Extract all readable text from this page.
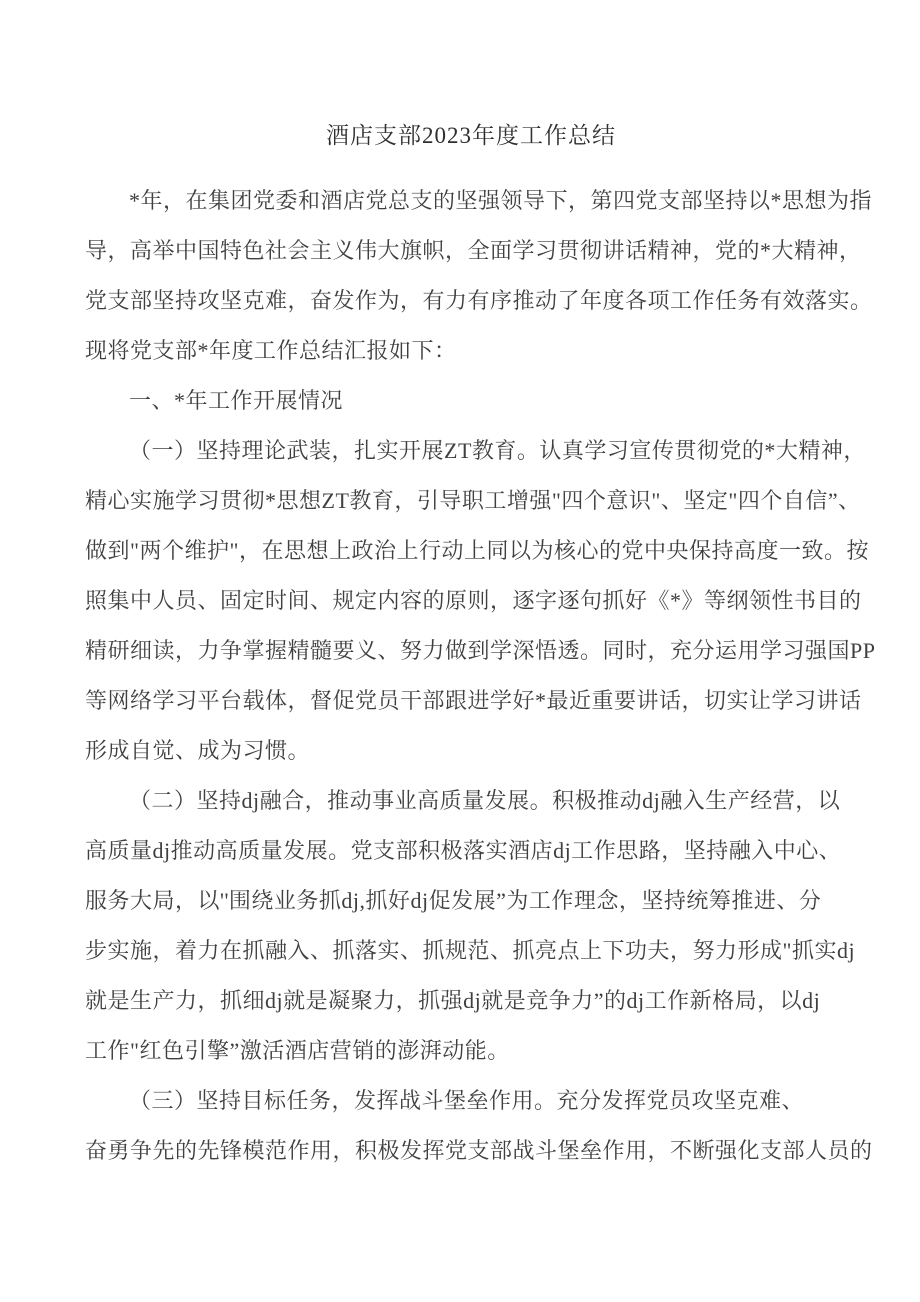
酒店支部2023年度工作总结
*年，在集团党委和酒店党总支的坚强领导下，第四党支部坚持以*思想为指
导，高举中国特色社会主义伟大旗帜，全面学习贯彻讲话精神，党的*大精神，
党支部坚持攻坚克难，奋发作为，有力有序推动了年度各项工作任务有效落实。
现将党支部*年度工作总结汇报如下：
一、*年工作开展情况
（一）坚持理论武装，扎实开展ZT教育。认真学习宣传贯彻党的*大精神，
精心实施学习贯彻*思想ZT教育，引导职工增强"四个意识"、坚定"四个自信”、
做到"两个维护"，在思想上政治上行动上同以为核心的党中央保持高度一致。按
照集中人员、固定时间、规定内容的原则，逐字逐句抓好《*》等纲领性书目的
精研细读，力争掌握精髓要义、努力做到学深悟透。同时，充分运用学习强国PP
等网络学习平台载体，督促党员干部跟进学好*最近重要讲话，切实让学习讲话
形成自觉、成为习惯。
（二）坚持dj融合，推动事业高质量发展。积极推动dj融入生产经营，以
高质量dj推动高质量发展。党支部积极落实酒店dj工作思路，坚持融入中心、
服务大局，以''围绕业务抓dj,抓好dj促发展”为工作理念，坚持统筹推进、分
步实施，着力在抓融入、抓落实、抓规范、抓亮点上下功夫，努力形成"抓实dj
就是生产力，抓细dj就是凝聚力，抓强dj就是竞争力”的dj工作新格局，以dj
工作"红色引擎”激活酒店营销的澎湃动能。
（三）坚持目标任务，发挥战斗堡垒作用。充分发挥党员攻坚克难、
奋勇争先的先锋模范作用，积极发挥党支部战斗堡垒作用，不断强化支部人员的
